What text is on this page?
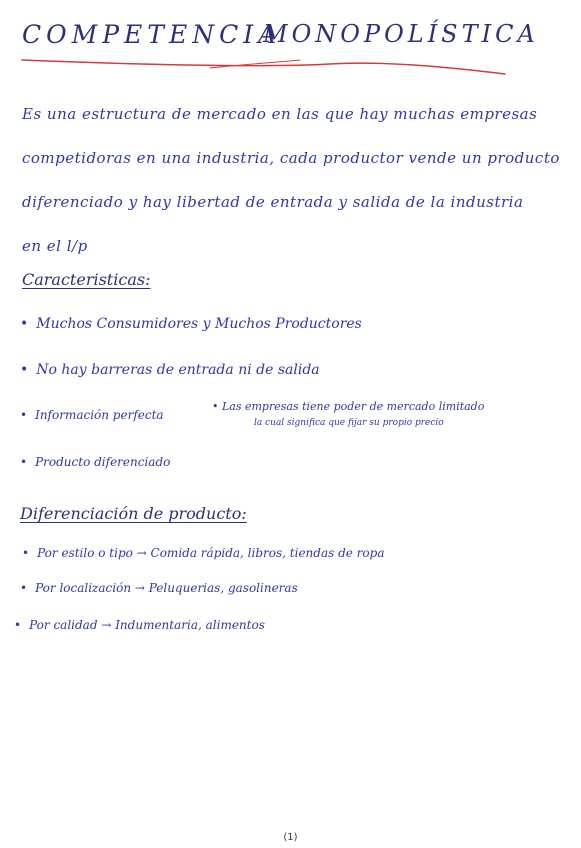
COMPETENCIA
MONOPOLÍSTICA
Es una estructura de mercado en las que hay muchas empresas
competidoras en una industria, cada productor vende un producto
diferenciado y hay libertad de entrada y salida de la industria
en el l/p
Caracteristicas:
• Muchos Consumidores y Muchos Productores
• No hay barreras de entrada ni de salida
• Información perfecta
• Las empresas tiene poder de mercado limitado
la cual significa que fijar su propio precio
• Producto diferenciado
Diferenciación de producto:
• Por estilo o tipo → Comida rápida, libros, tiendas de ropa
• Por localización → Peluquerias, gasolineras
• Por calidad → Indumentaria, alimentos
(1)
